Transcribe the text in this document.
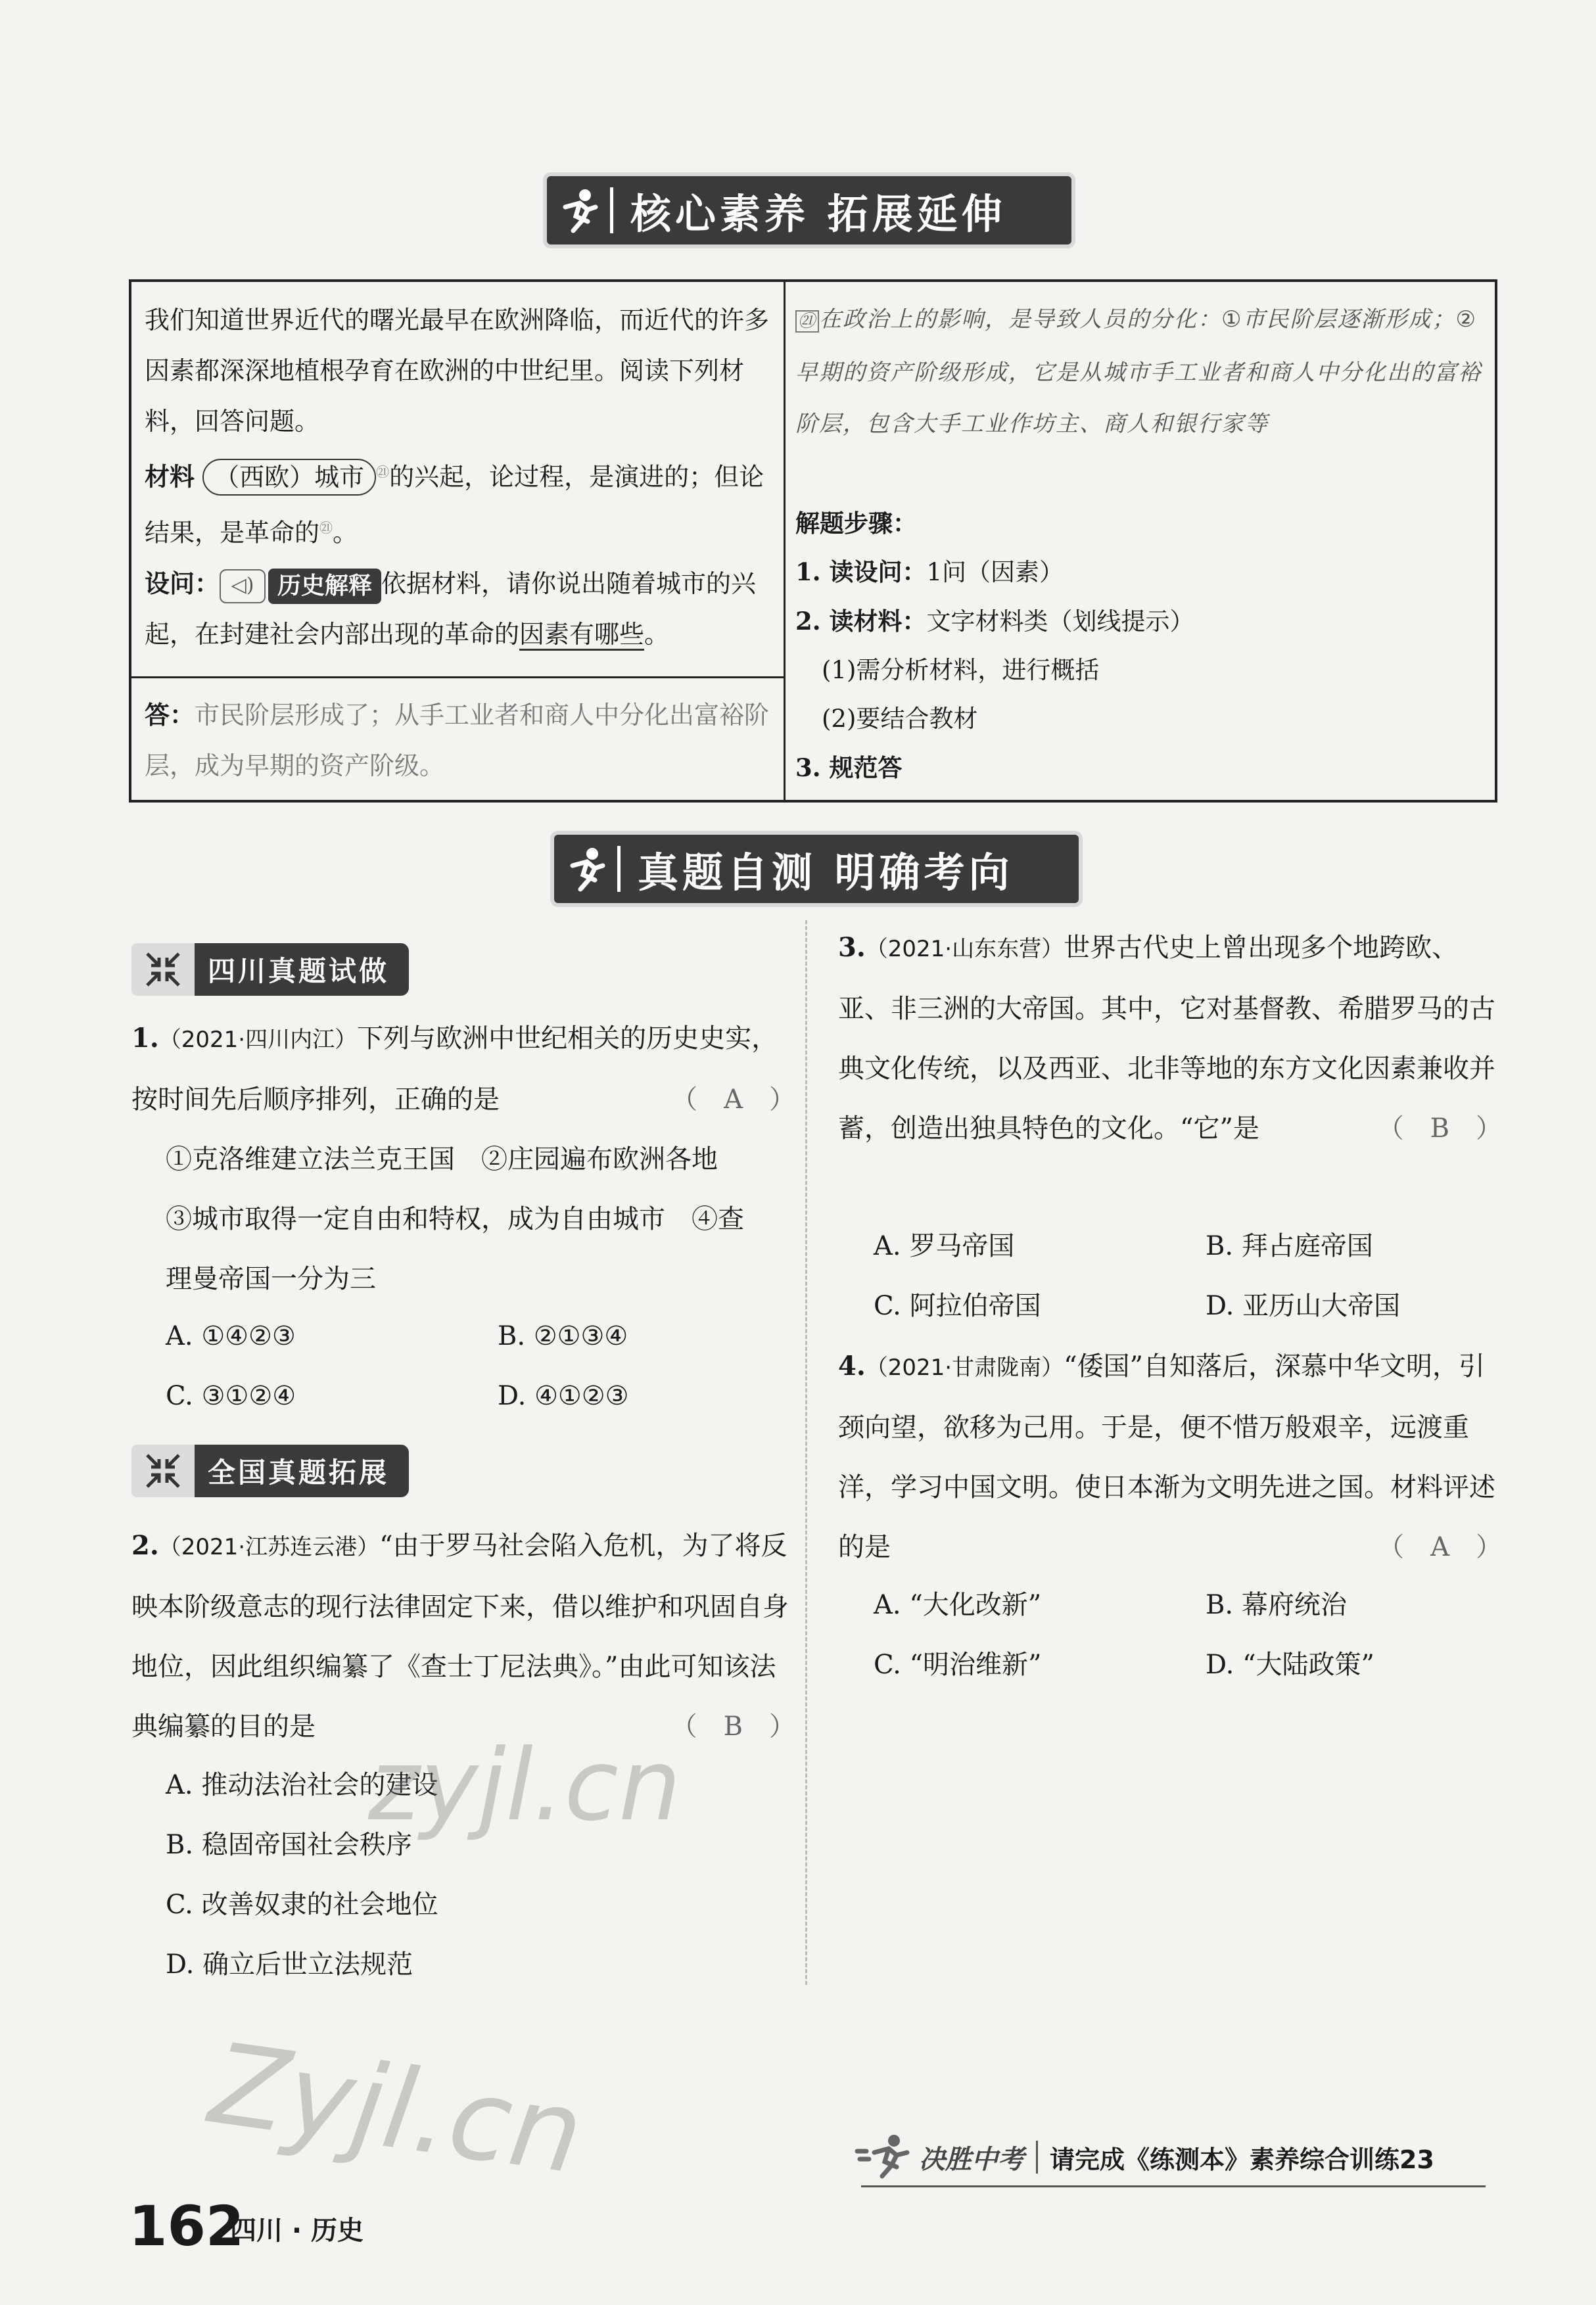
核心素养 拓展延伸
我们知道世界近代的曙光最早在欧洲降临，而近代的许多因素都深深地植根孕育在欧洲的中世纪里。阅读下列材料，回答问题。
材料 （西欧）城市 $^㉑$的兴起，论过程，是演进的；但论结果，是革命的$^㉑$。
设问： ◁) 历史解释 依据材料，请你说出随着城市的兴起，在封建社会内部出现的革命的因素有哪些。
答：市民阶层形成了；从手工业者和商人中分化出富裕阶层，成为早期的资产阶级。
㉑ 在政治上的影响，是导致人员的分化：①市民阶层逐渐形成；②早期的资产阶级形成，它是从城市手工业者和商人中分化出的富裕阶层，包含大手工业作坊主、商人和银行家等
解题步骤：
1. 读设问：1问（因素）
2. 读材料：文字材料类（划线提示）
(1)需分析材料，进行概括
(2)要结合教材
3. 规范答
真题自测 明确考向
四川真题试做
1.（2021·四川内江）下列与欧洲中世纪相关的历史史实，按时间先后顺序排列，正确的是	（　A　）
①克洛维建立法兰克王国　②庄园遍布欧洲各地
③城市取得一定自由和特权，成为自由城市　④查
理曼帝国一分为三
A. ①④②③	B. ②①③④
C. ③①②④	D. ④①②③
全国真题拓展
2.（2021·江苏连云港）“由于罗马社会陷入危机，为了将反映本阶级意志的现行法律固定下来，借以维护和巩固自身地位，因此组织编纂了《查士丁尼法典》。”由此可知该法典编纂的目的是	（　B　）
A. 推动法治社会的建设
B. 稳固帝国社会秩序
C. 改善奴隶的社会地位
D. 确立后世立法规范
3.（2021·山东东营）世界古代史上曾出现多个地跨欧、亚、非三洲的大帝国。其中，它对基督教、希腊罗马的古典文化传统，以及西亚、北非等地的东方文化因素兼收并蓄，创造出独具特色的文化。“它”是	（　B　）
A. 罗马帝国	B. 拜占庭帝国
C. 阿拉伯帝国	D. 亚历山大帝国
4.（2021·甘肃陇南）“倭国”自知落后，深慕中华文明，引颈向望，欲移为己用。于是，便不惜万般艰辛，远渡重洋，学习中国文明。使日本渐为文明先进之国。材料评述的是	（　A　）
A. “大化改新”	B. 幕府统治
C. “明治维新”	D. “大陆政策”
zyjl.cn
Zyjl.cn
162
四川 · 历史
决胜中考 请完成《练测本》素养综合训练23
